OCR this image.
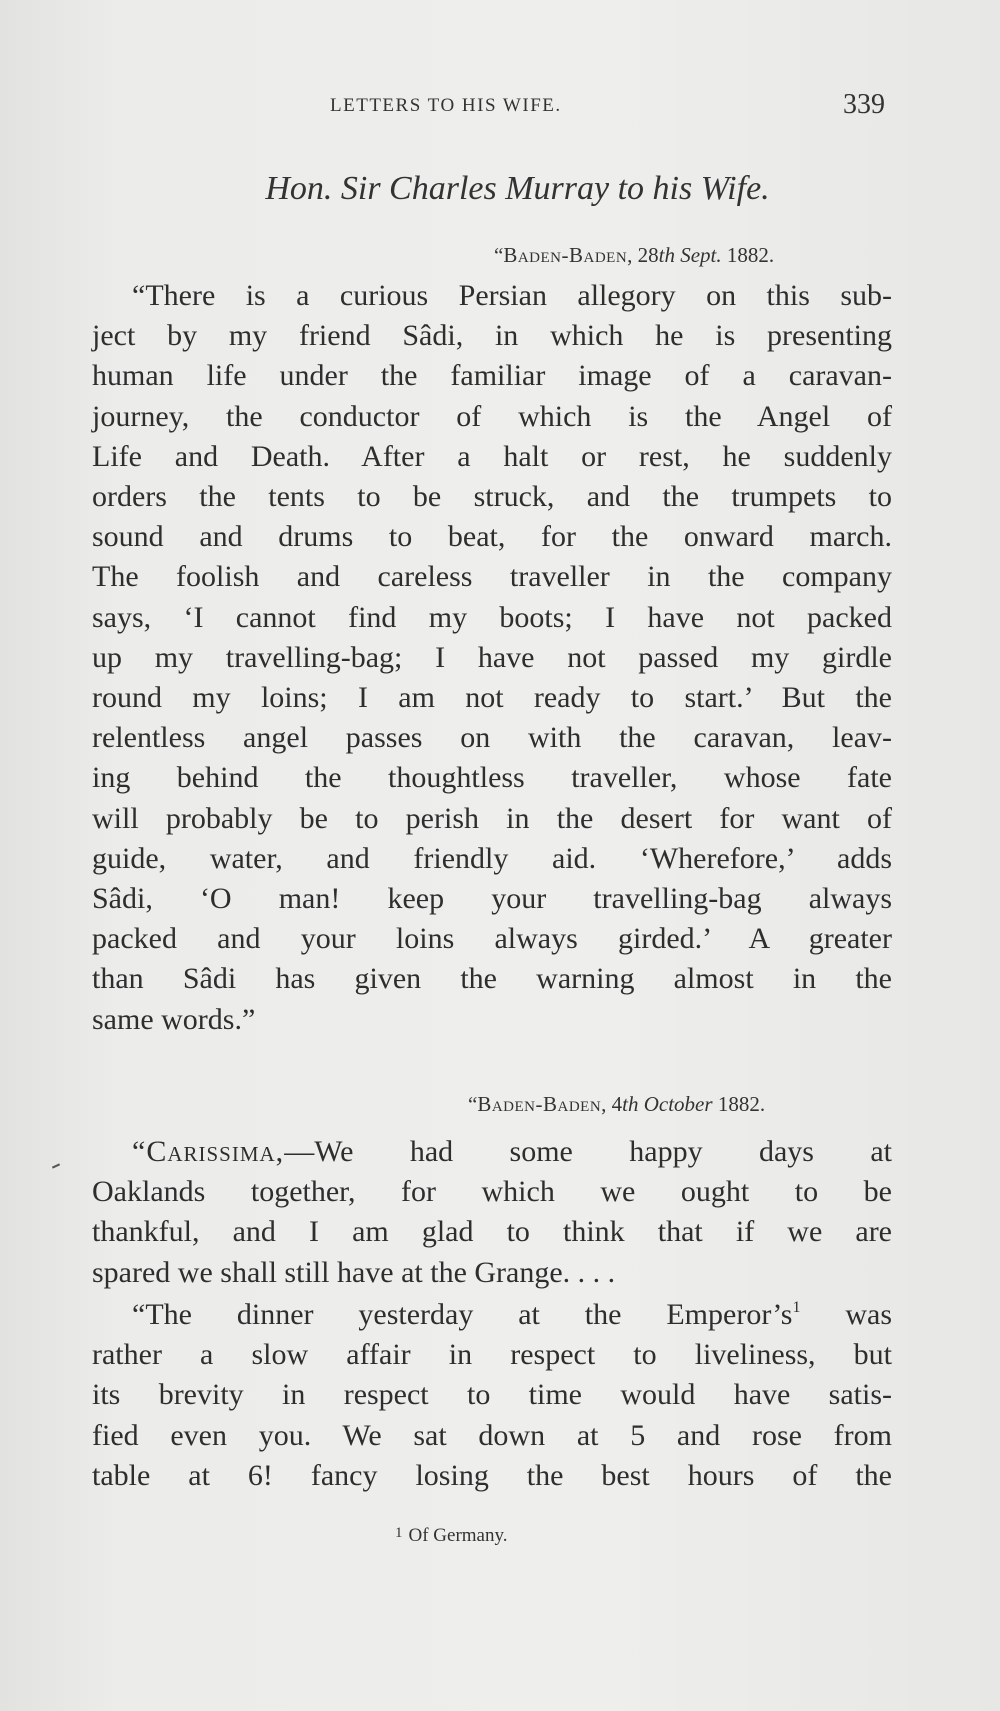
LETTERS TO HIS WIFE.	339
Hon. Sir Charles Murray to his Wife.
“Baden-Baden, 28th Sept. 1882.
“There is a curious Persian allegory on this sub-
ject by my friend Sâdi, in which he is presenting
human life under the familiar image of a caravan-
journey, the conductor of which is the Angel of
Life and Death. After a halt or rest, he suddenly
orders the tents to be struck, and the trumpets to
sound and drums to beat, for the onward march.
The foolish and careless traveller in the company
says, ‘I cannot find my boots; I have not packed
up my travelling-bag; I have not passed my girdle
round my loins; I am not ready to start.’ But the
relentless angel passes on with the caravan, leav-
ing behind the thoughtless traveller, whose fate
will probably be to perish in the desert for want of
guide, water, and friendly aid. ‘Wherefore,’ adds
Sâdi, ‘O man! keep your travelling-bag always
packed and your loins always girded.’ A greater
than Sâdi has given the warning almost in the
same words.”
“Baden-Baden, 4th October 1882.
“Carissima,—We had some happy days at
Oaklands together, for which we ought to be
thankful, and I am glad to think that if we are
spared we shall still have at the Grange. . . .
“The dinner yesterday at the $Emperor’s^1$ was
rather a slow affair in respect to liveliness, but
its brevity in respect to time would have satis-
fied even you. We sat down at 5 and rose from
table at 6! fancy losing the best hours of the
$^1$ Of Germany.
